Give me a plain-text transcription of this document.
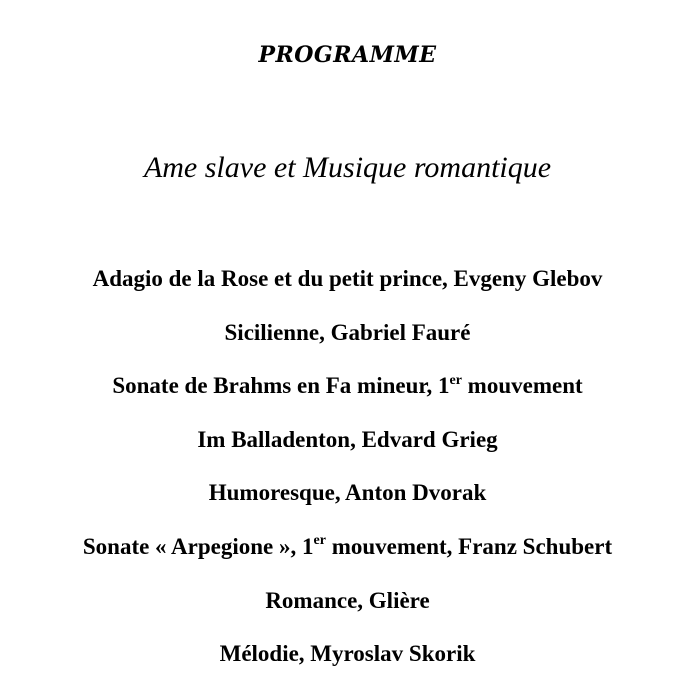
PROGRAMME
Ame slave et Musique romantique
Adagio de la Rose et du petit prince, Evgeny Glebov
Sicilienne, Gabriel Fauré
Sonate de Brahms en Fa mineur, 1er mouvement
Im Balladenton, Edvard Grieg
Humoresque, Anton Dvorak
Sonate « Arpegione », 1er mouvement, Franz Schubert
Romance, Glière
Mélodie, Myroslav Skorik
